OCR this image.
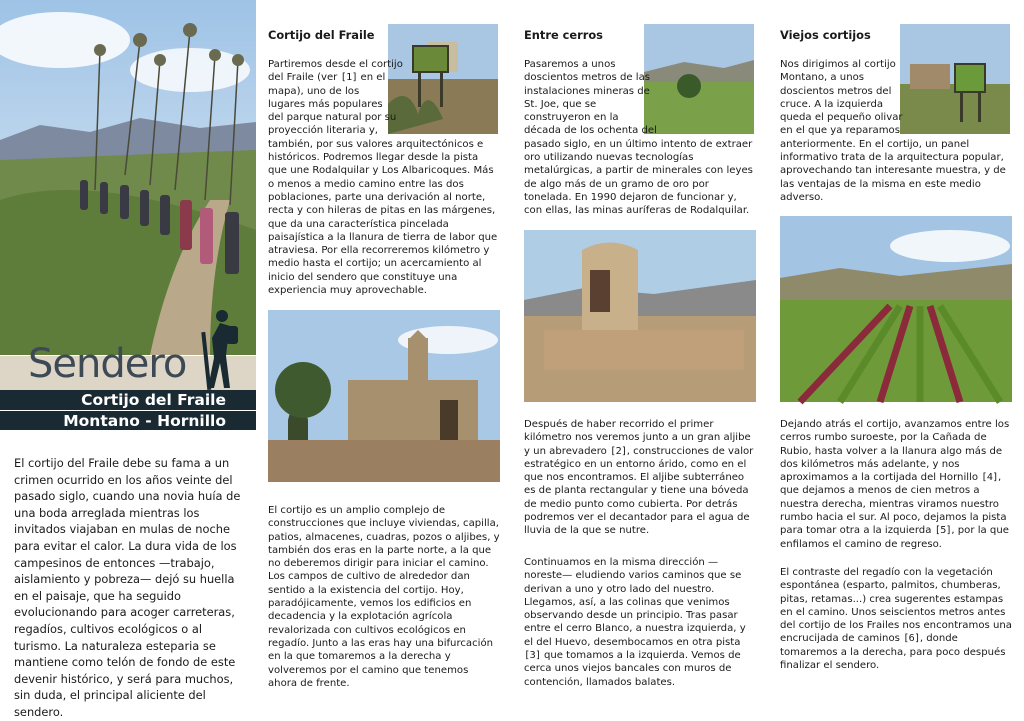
Sendero
Cortijo del Fraile
Montano - Hornillo

El cortijo del Fraile debe su fama a un crimen ocurrido en los años veinte del pasado siglo, cuando una novia huía de una boda arreglada mientras los invitados viajaban en mulas de noche para evitar el calor. La dura vida de los campesinos de entonces —trabajo, aislamiento y pobreza— dejó su huella en el paisaje, que ha seguido evolucionando para acoger carreteras, regadíos, cultivos ecológicos o al turismo. La naturaleza esteparia se mantiene como telón de fondo de este devenir histórico, y será para muchos, sin duda, el principal aliciente del sendero.

Cortijo del Fraile

Partiremos desde el cortijo del Fraile (ver [1] en el mapa), uno de los lugares más populares del parque natural por su proyección literaria y, también, por sus valores arquitectónicos e históricos. Podremos llegar desde la pista que une Rodalquilar y Los Albaricoques. Más o menos a medio camino entre las dos poblaciones, parte una derivación al norte, recta y con hileras de pitas en las márgenes, que da una característica pincelada paisajística a la llanura de tierra de labor que atraviesa. Por ella recorreremos kilómetro y medio hasta el cortijo; un acercamiento al inicio del sendero que constituye una experiencia muy aprovechable.

El cortijo es un amplio complejo de construcciones que incluye viviendas, capilla, patios, almacenes, cuadras, pozos o aljibes, y también dos eras en la parte norte, a la que no deberemos dirigir para iniciar el camino. Los campos de cultivo de alrededor dan sentido a la existencia del cortijo. Hoy, paradójicamente, vemos los edificios en decadencia y la explotación agrícola revalorizada con cultivos ecológicos en regadío. Junto a las eras hay una bifurcación en la que tomaremos a la derecha y volveremos por el camino que tenemos ahora de frente.

Entre cerros

Pasaremos a unos doscientos metros de las instalaciones mineras de St. Joe, que se construyeron en la década de los ochenta del pasado siglo, en un último intento de extraer oro utilizando nuevas tecnologías metalúrgicas, a partir de minerales con leyes de algo más de un gramo de oro por tonelada. En 1990 dejaron de funcionar y, con ellas, las minas auríferas de Rodalquilar.

Después de haber recorrido el primer kilómetro nos veremos junto a un gran aljibe y un abrevadero [2], construcciones de valor estratégico en un entorno árido, como en el que nos encontramos. El aljibe subterráneo es de planta rectangular y tiene una bóveda de medio punto como cubierta. Por detrás podremos ver el decantador para el agua de lluvia de la que se nutre.

Continuamos en la misma dirección —noreste— eludiendo varios caminos que se derivan a uno y otro lado del nuestro. Llegamos, así, a las colinas que venimos observando desde un principio. Tras pasar entre el cerro Blanco, a nuestra izquierda, y el del Huevo, desembocamos en otra pista [3] que tomamos a la izquierda. Vemos de cerca unos viejos bancales con muros de contención, llamados balates.

Viejos cortijos

Nos dirigimos al cortijo Montano, a unos doscientos metros del cruce. A la izquierda queda el pequeño olivar en el que ya reparamos anteriormente. En el cortijo, un panel informativo trata de la arquitectura popular, aprovechando tan interesante muestra, y de las ventajas de la misma en este medio adverso.

Dejando atrás el cortijo, avanzamos entre los cerros rumbo suroeste, por la Cañada de Rubio, hasta volver a la llanura algo más de dos kilómetros más adelante, y nos aproximamos a la cortijada del Hornillo [4], que dejamos a menos de cien metros a nuestra derecha, mientras viramos nuestro rumbo hacia el sur. Al poco, dejamos la pista para tomar otra a la izquierda [5], por la que enfilamos el camino de regreso.

El contraste del regadío con la vegetación espontánea (esparto, palmitos, chumberas, pitas, retamas...) crea sugerentes estampas en el camino. Unos seiscientos metros antes del cortijo de los Frailes nos encontramos una encrucijada de caminos [6], donde tomaremos a la derecha, para poco después finalizar el sendero.
